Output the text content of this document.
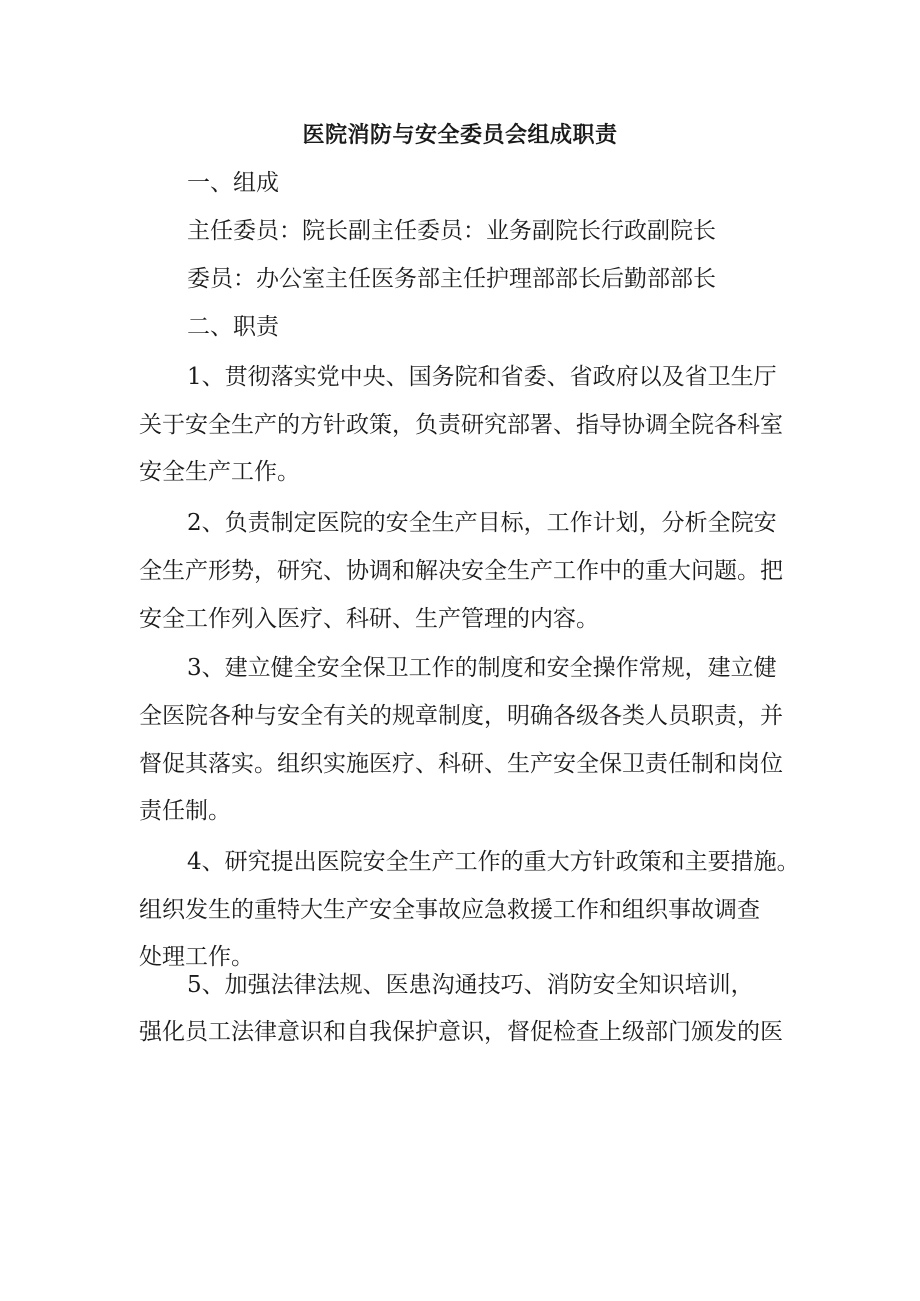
医院消防与安全委员会组成职责
一、组成
主任委员：院长副主任委员：业务副院长行政副院长
委员：办公室主任医务部主任护理部部长后勤部部长
二、职责
1、贯彻落实党中央、国务院和省委、省政府以及省卫生厅
关于安全生产的方针政策，负责研究部署、指导协调全院各科室
安全生产工作。
2、负责制定医院的安全生产目标，工作计划，分析全院安
全生产形势，研究、协调和解决安全生产工作中的重大问题。把
安全工作列入医疗、科研、生产管理的内容。
3、建立健全安全保卫工作的制度和安全操作常规，建立健
全医院各种与安全有关的规章制度，明确各级各类人员职责，并
督促其落实。组织实施医疗、科研、生产安全保卫责任制和岗位
责任制。
4、研究提出医院安全生产工作的重大方针政策和主要措施。
组织发生的重特大生产安全事故应急救援工作和组织事故调查
处理工作。
5、加强法律法规、医患沟通技巧、消防安全知识培训，
强化员工法律意识和自我保护意识，督促检查上级部门颁发的医
